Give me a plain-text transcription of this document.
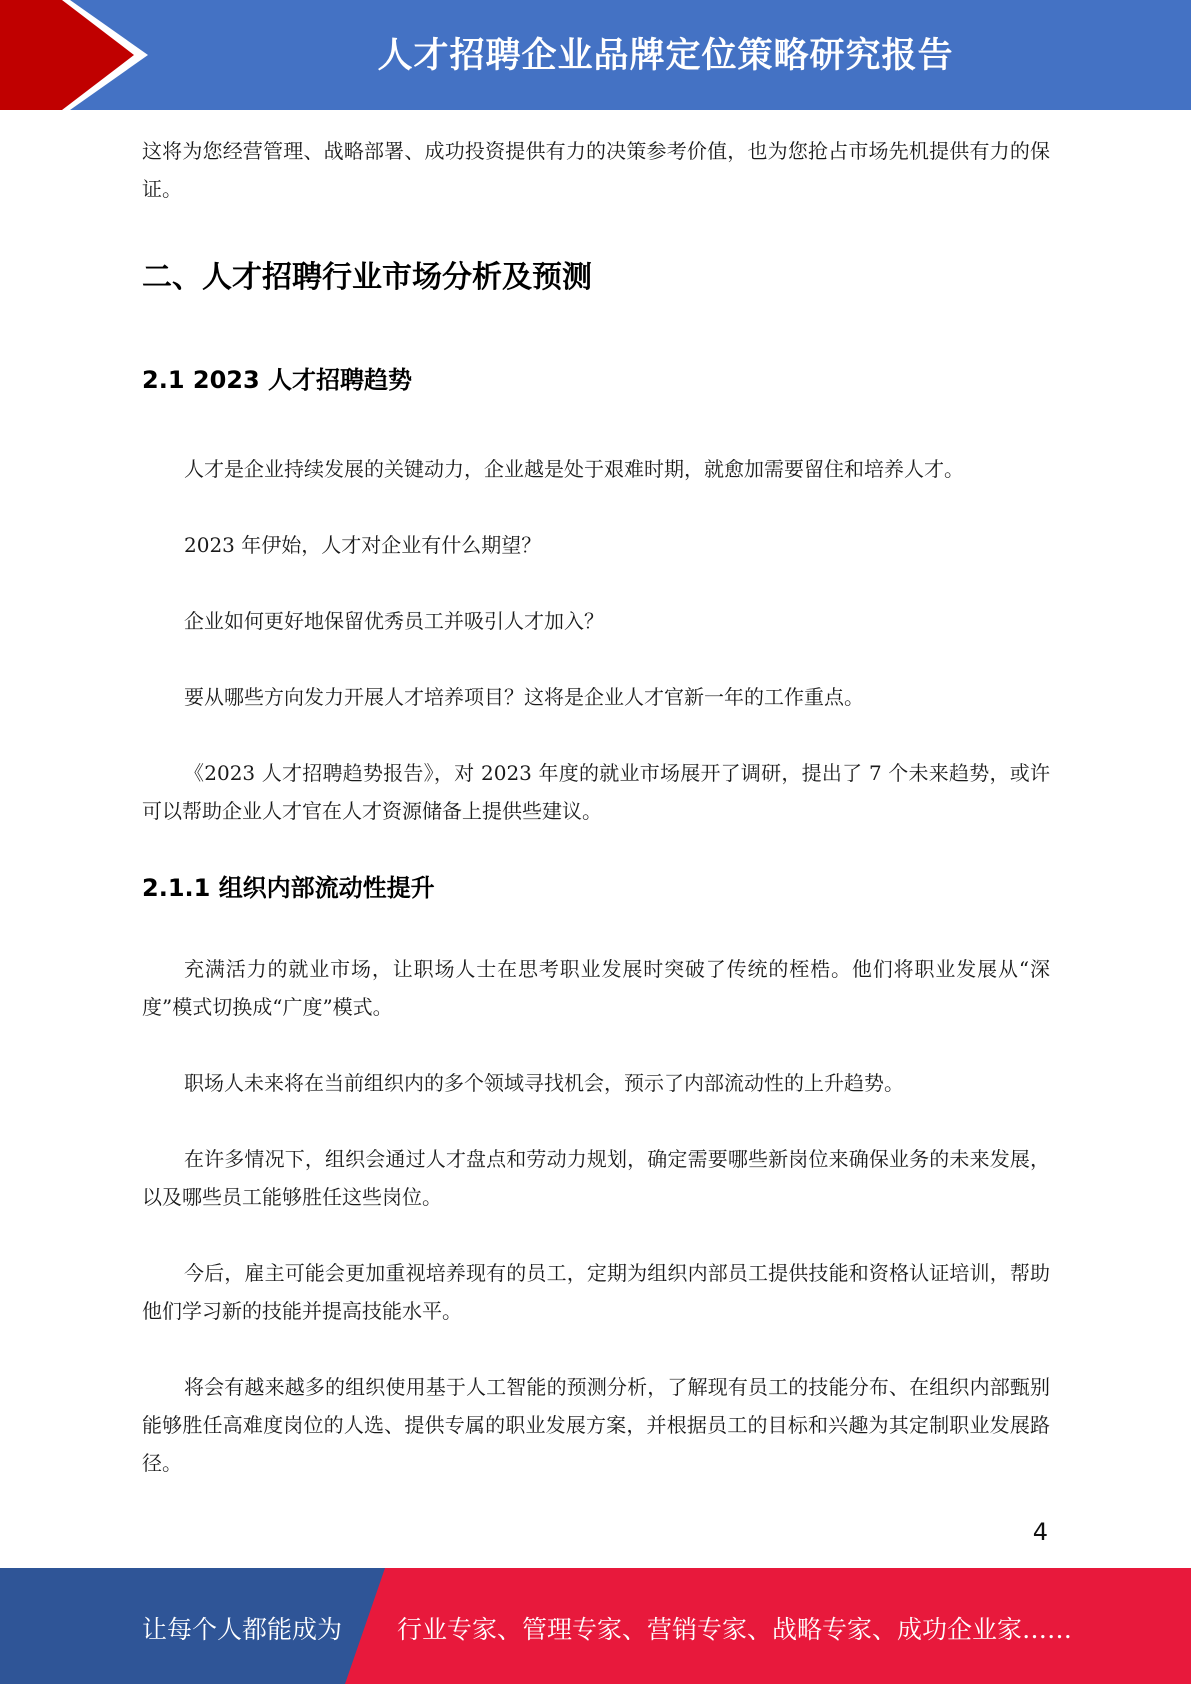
人才招聘企业品牌定位策略研究报告

这将为您经营管理、战略部署、成功投资提供有力的决策参考价值，也为您抢占市场先机提供有力的保证。

二、人才招聘行业市场分析及预测
2.1 2023 人才招聘趋势

人才是企业持续发展的关键动力，企业越是处于艰难时期，就愈加需要留住和培养人才。

2023 年伊始，人才对企业有什么期望？

企业如何更好地保留优秀员工并吸引人才加入？

要从哪些方向发力开展人才培养项目？这将是企业人才官新一年的工作重点。

《2023 人才招聘趋势报告》，对 2023 年度的就业市场展开了调研，提出了 7 个未来趋势，或许可以帮助企业人才官在人才资源储备上提供些建议。

2.1.1 组织内部流动性提升

充满活力的就业市场，让职场人士在思考职业发展时突破了传统的桎梏。他们将职业发展从“深度”模式切换成“广度”模式。

职场人未来将在当前组织内的多个领域寻找机会，预示了内部流动性的上升趋势。

在许多情况下，组织会通过人才盘点和劳动力规划，确定需要哪些新岗位来确保业务的未来发展，以及哪些员工能够胜任这些岗位。

今后，雇主可能会更加重视培养现有的员工，定期为组织内部员工提供技能和资格认证培训，帮助他们学习新的技能并提高技能水平。

将会有越来越多的组织使用基于人工智能的预测分析，了解现有员工的技能分布、在组织内部甄别能够胜任高难度岗位的人选、提供专属的职业发展方案，并根据员工的目标和兴趣为其定制职业发展路径。

4
让每个人都能成为 行业专家、管理专家、营销专家、战略专家、成功企业家……
